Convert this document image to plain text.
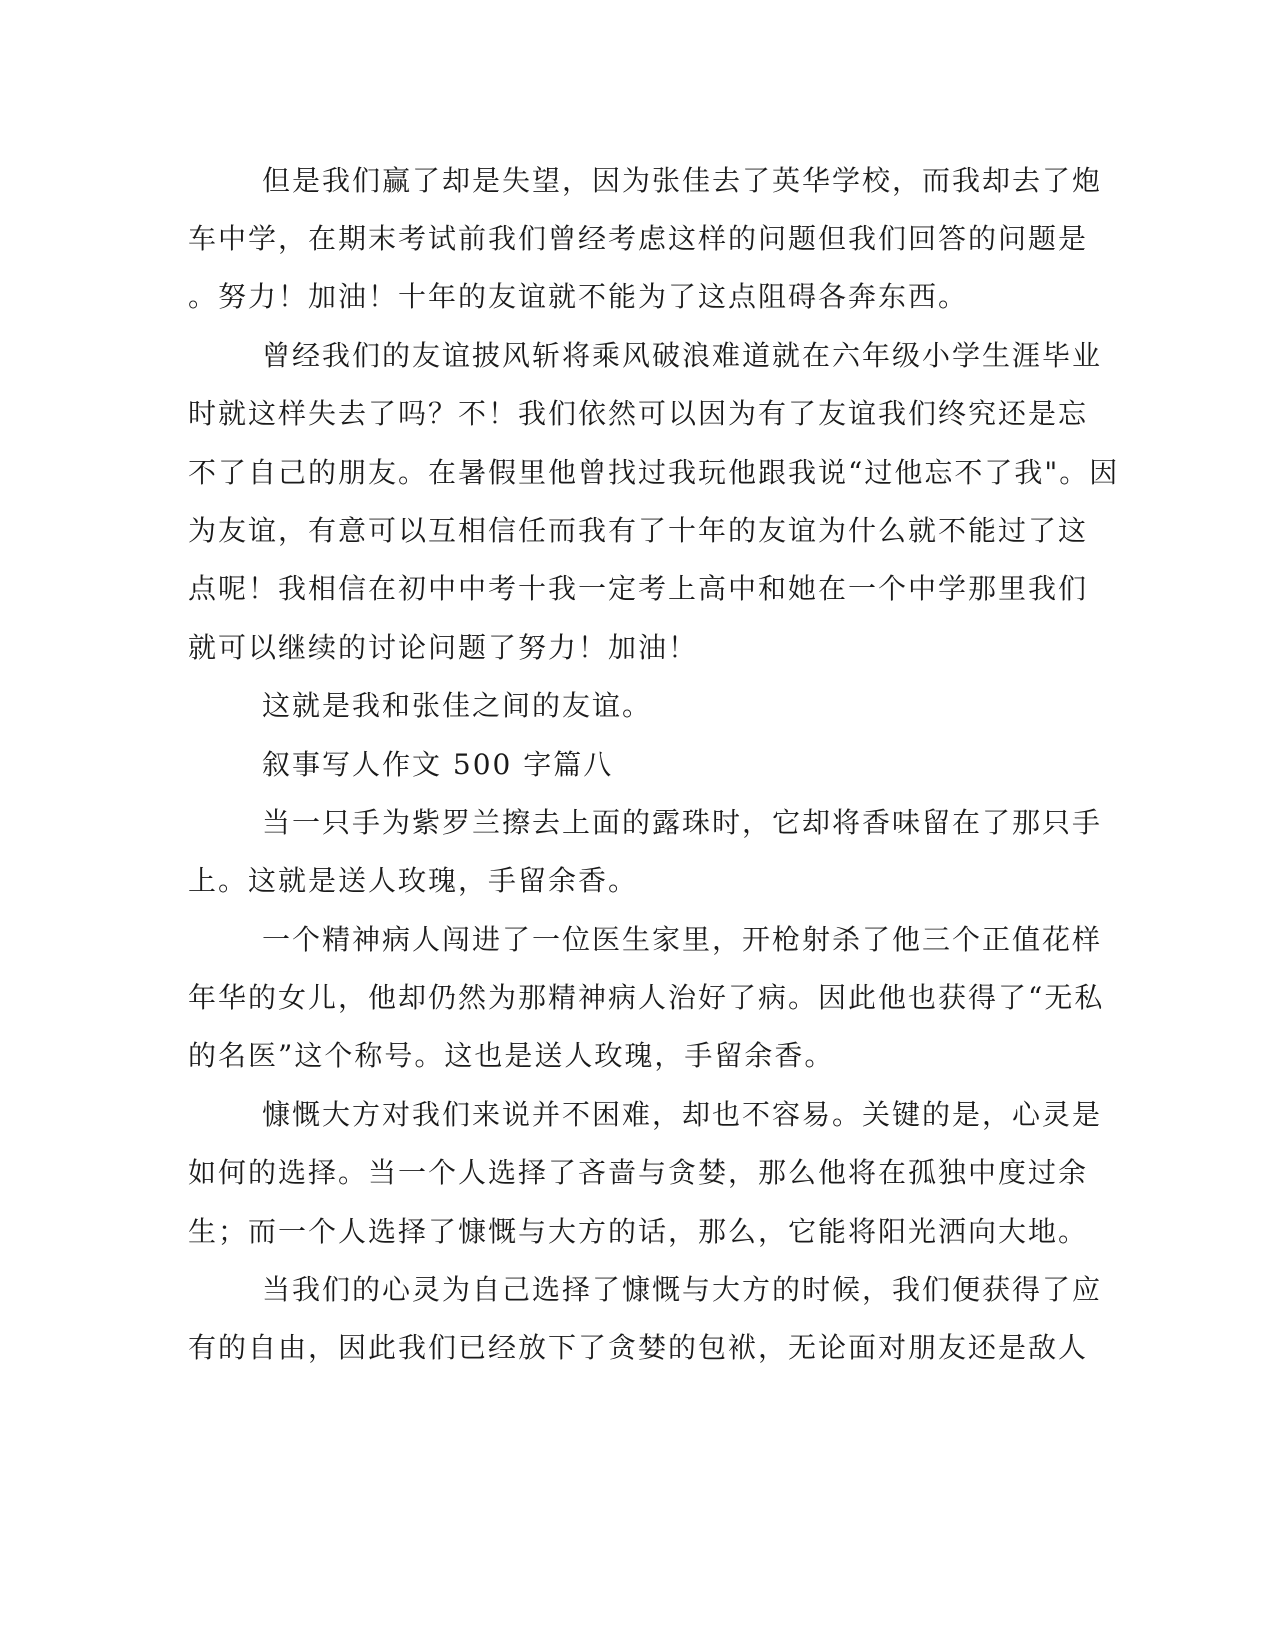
但是我们赢了却是失望，因为张佳去了英华学校，而我却去了炮
车中学，在期末考试前我们曾经考虑这样的问题但我们回答的问题是
。努力！加油！十年的友谊就不能为了这点阻碍各奔东西。
曾经我们的友谊披风斩将乘风破浪难道就在六年级小学生涯毕业
时就这样失去了吗？不！我们依然可以因为有了友谊我们终究还是忘
不了自己的朋友。在暑假里他曾找过我玩他跟我说“过他忘不了我"。因
为友谊，有意可以互相信任而我有了十年的友谊为什么就不能过了这
点呢！我相信在初中中考十我一定考上高中和她在一个中学那里我们
就可以继续的讨论问题了努力！加油！
这就是我和张佳之间的友谊。
叙事写人作文 500 字篇八
当一只手为紫罗兰擦去上面的露珠时，它却将香味留在了那只手
上。这就是送人玫瑰，手留余香。
一个精神病人闯进了一位医生家里，开枪射杀了他三个正值花样
年华的女儿，他却仍然为那精神病人治好了病。因此他也获得了“无私
的名医”这个称号。这也是送人玫瑰，手留余香。
慷慨大方对我们来说并不困难，却也不容易。关键的是，心灵是
如何的选择。当一个人选择了吝啬与贪婪，那么他将在孤独中度过余
生；而一个人选择了慷慨与大方的话，那么，它能将阳光洒向大地。
当我们的心灵为自己选择了慷慨与大方的时候，我们便获得了应
有的自由，因此我们已经放下了贪婪的包袱，无论面对朋友还是敌人
